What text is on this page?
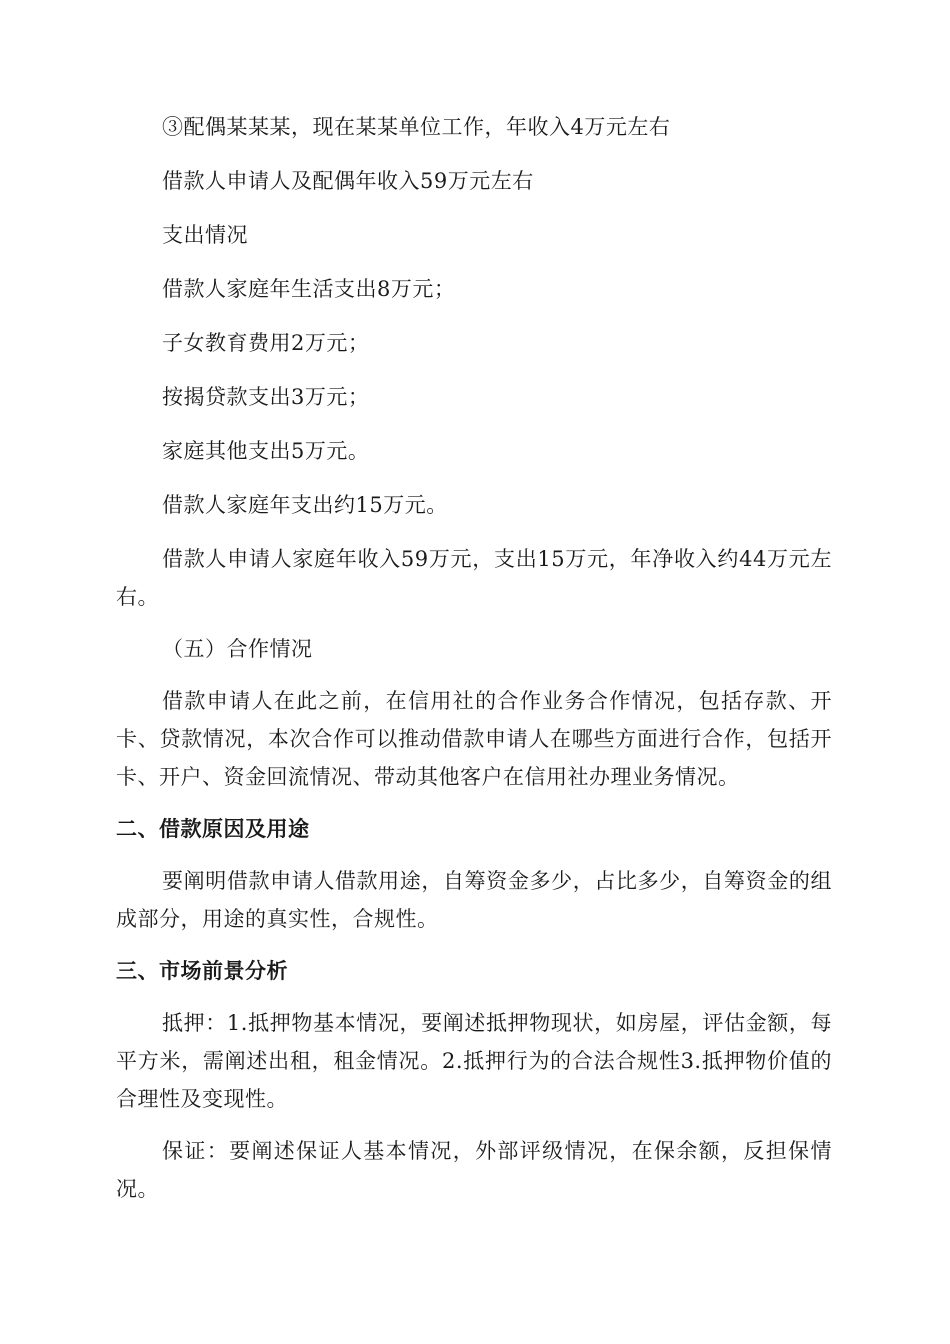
③配偶某某某，现在某某单位工作，年收入4万元左右

借款人申请人及配偶年收入59万元左右

支出情况

借款人家庭年生活支出8万元；

子女教育费用2万元；

按揭贷款支出3万元；

家庭其他支出5万元。

借款人家庭年支出约15万元。

借款人申请人家庭年收入59万元，支出15万元，年净收入约44万元左右。

（五）合作情况

借款申请人在此之前，在信用社的合作业务合作情况，包括存款、开卡、贷款情况，本次合作可以推动借款申请人在哪些方面进行合作，包括开卡、开户、资金回流情况、带动其他客户在信用社办理业务情况。

二、借款原因及用途

要阐明借款申请人借款用途，自筹资金多少，占比多少，自筹资金的组成部分，用途的真实性，合规性。

三、市场前景分析

抵押：1.抵押物基本情况，要阐述抵押物现状，如房屋，评估金额，每平方米，需阐述出租，租金情况。2.抵押行为的合法合规性3.抵押物价值的合理性及变现性。

保证：要阐述保证人基本情况，外部评级情况，在保余额，反担保情况。
